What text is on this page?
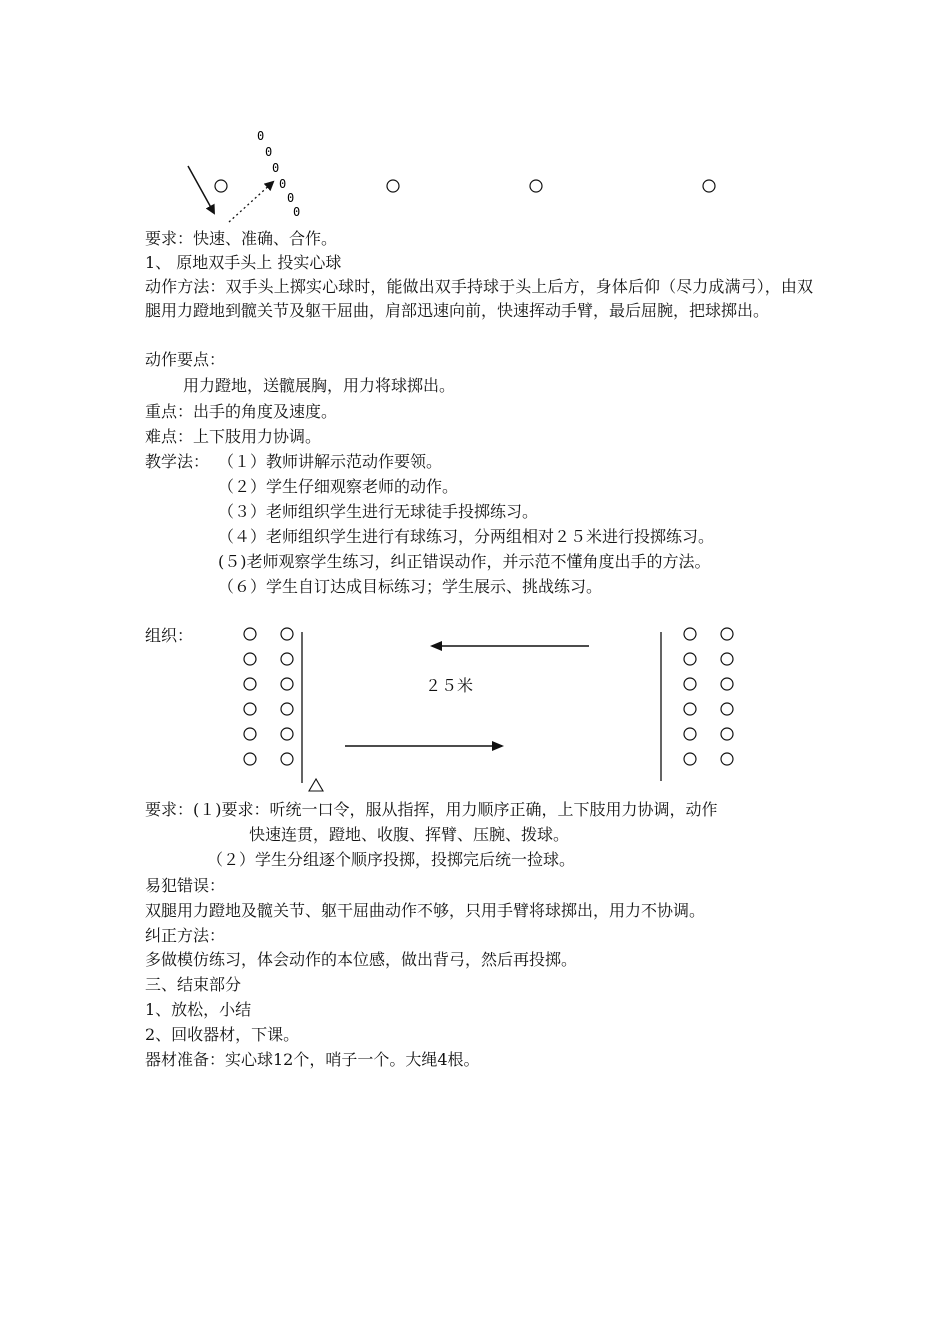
0
0
0
0
0
0
要求：快速、准确、合作。
1、 原地双手头上 投实心球
动作方法：双手头上掷实心球时，能做出双手持球于头上后方，身体后仰（尽力成满弓），由双腿用力蹬地到髋关节及躯干屈曲，肩部迅速向前，快速挥动手臂，最后屈腕，把球掷出。
动作要点：
用力蹬地，送髋展胸，用力将球掷出。
重点：出手的角度及速度。
难点：上下肢用力协调。
教学法： （１）教师讲解示范动作要领。
（２）学生仔细观察老师的动作。
（３）老师组织学生进行无球徒手投掷练习。
（４）老师组织学生进行有球练习，分两组相对２５米进行投掷练习。
(５)老师观察学生练习，纠正错误动作，并示范不懂角度出手的方法。
（６）学生自订达成目标练习；学生展示、挑战练习。
组织：
２５米
要求：(１)要求：听统一口令，服从指挥，用力顺序正确，上下肢用力协调，动作
快速连贯，蹬地、收腹、挥臂、压腕、拨球。
（２）学生分组逐个顺序投掷，投掷完后统一捡球。
易犯错误：
双腿用力蹬地及髋关节、躯干屈曲动作不够，只用手臂将球掷出，用力不协调。
纠正方法：
多做模仿练习，体会动作的本位感，做出背弓，然后再投掷。
三、结束部分
1、放松，小结
2、回收器材，下课。
器材准备：实心球12个，哨子一个。大绳4根。
